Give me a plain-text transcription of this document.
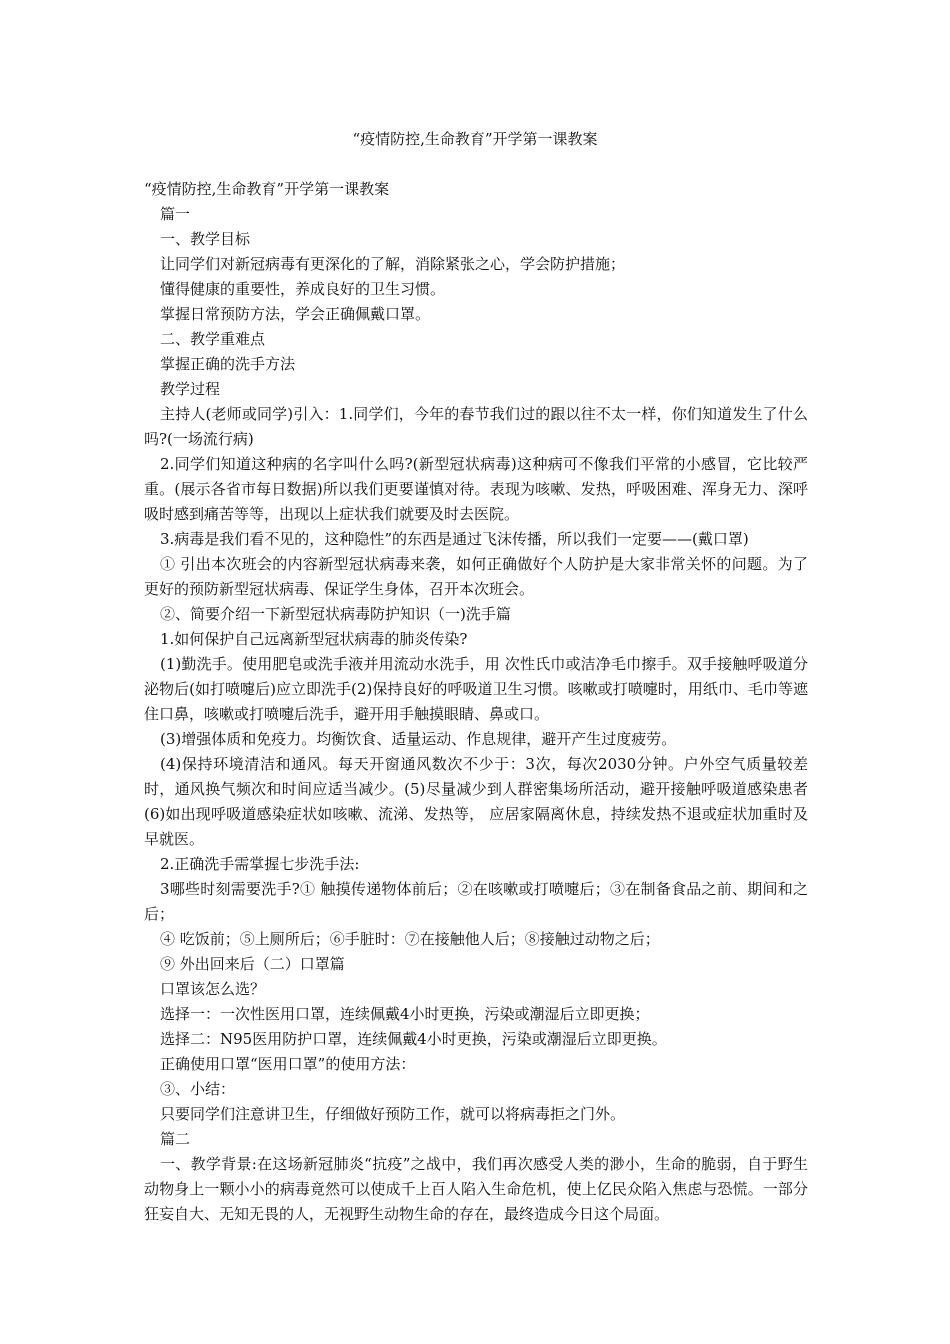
“疫情防控,生命教育”开学第一课教案

“疫情防控,生命教育”开学第一课教案

篇一

一、教学目标

让同学们对新冠病毒有更深化的了解，消除紧张之心，学会防护措施；

懂得健康的重要性，养成良好的卫生习惯。

掌握日常预防方法，学会正确佩戴口罩。

二、教学重难点

掌握正确的洗手方法

教学过程

主持人(老师或同学)引入：1.同学们，今年的春节我们过的跟以往不太一样，你们知道发生了什么吗?(一场流行病)

2.同学们知道这种病的名字叫什么吗?(新型冠状病毒)这种病可不像我们平常的小感冒，它比较严重。(展示各省市每日数据)所以我们更要谨慎对待。表现为咳嗽、发热，呼吸困难、浑身无力、深呼吸时感到痛苦等等，出现以上症状我们就要及时去医院。

3.病毒是我们看不见的，这种隐性”的东西是通过飞沫传播，所以我们一定要——(戴口罩)

① 引出本次班会的内容新型冠状病毒来袭，如何正确做好个人防护是大家非常关怀的问题。为了更好的预防新型冠状病毒、保证学生身体，召开本次班会。

②、简要介绍一下新型冠状病毒防护知识（一)洗手篇

1.如何保护自己远离新型冠状病毒的肺炎传染?

(1)勤洗手。使用肥皂或洗手液并用流动水洗手，用 次性氏巾或洁净毛巾擦手。双手接触呼吸道分泌物后(如打喷嚏后)应立即洗手(2)保持良好的呼吸道卫生习惯。咳嗽或打喷嚏时，用纸巾、毛巾等遮住口鼻，咳嗽或打喷嚏后洗手，避开用手触摸眼睛、鼻或口。

(3)增强体质和免疫力。均衡饮食、适量运动、作息规律，避开产生过度疲劳。

(4)保持环境清洁和通风。每天开窗通风数次不少于：3次，每次2030分钟。户外空气质量较差时，通风换气频次和时间应适当减少。(5)尽量减少到人群密集场所活动，避开接触呼吸道感染患者(6)如出现呼吸道感染症状如咳嗽、流涕、发热等， 应居家隔离休息，持续发热不退或症状加重时及早就医。

2.正确洗手需掌握七步洗手法:

3哪些时刻需要洗手?① 触摸传递物体前后；②在咳嗽或打喷嚏后；③在制备食品之前、期间和之后；

④ 吃饭前；⑤上厕所后；⑥手脏时：⑦在接触他人后；⑧接触过动物之后；

⑨ 外出回来后（二）口罩篇

口罩该怎么选？

选择一：一次性医用口罩，连续佩戴4小时更换，污染或潮湿后立即更换；

选择二：N95医用防护口罩，连续佩戴4小时更换，污染或潮湿后立即更换。

正确使用口罩“医用口罩”的使用方法：

③、小结：

只要同学们注意讲卫生，仔细做好预防工作，就可以将病毒拒之门外。

篇二

一、教学背景:在这场新冠肺炎“抗疫”之战中，我们再次感受人类的渺小，生命的脆弱，自于野生动物身上一颗小小的病毒竟然可以使成千上百人陷入生命危机，使上亿民众陷入焦虑与恐慌。一部分狂妄自大、无知无畏的人，无视野生动物生命的存在，最终造成今日这个局面。
